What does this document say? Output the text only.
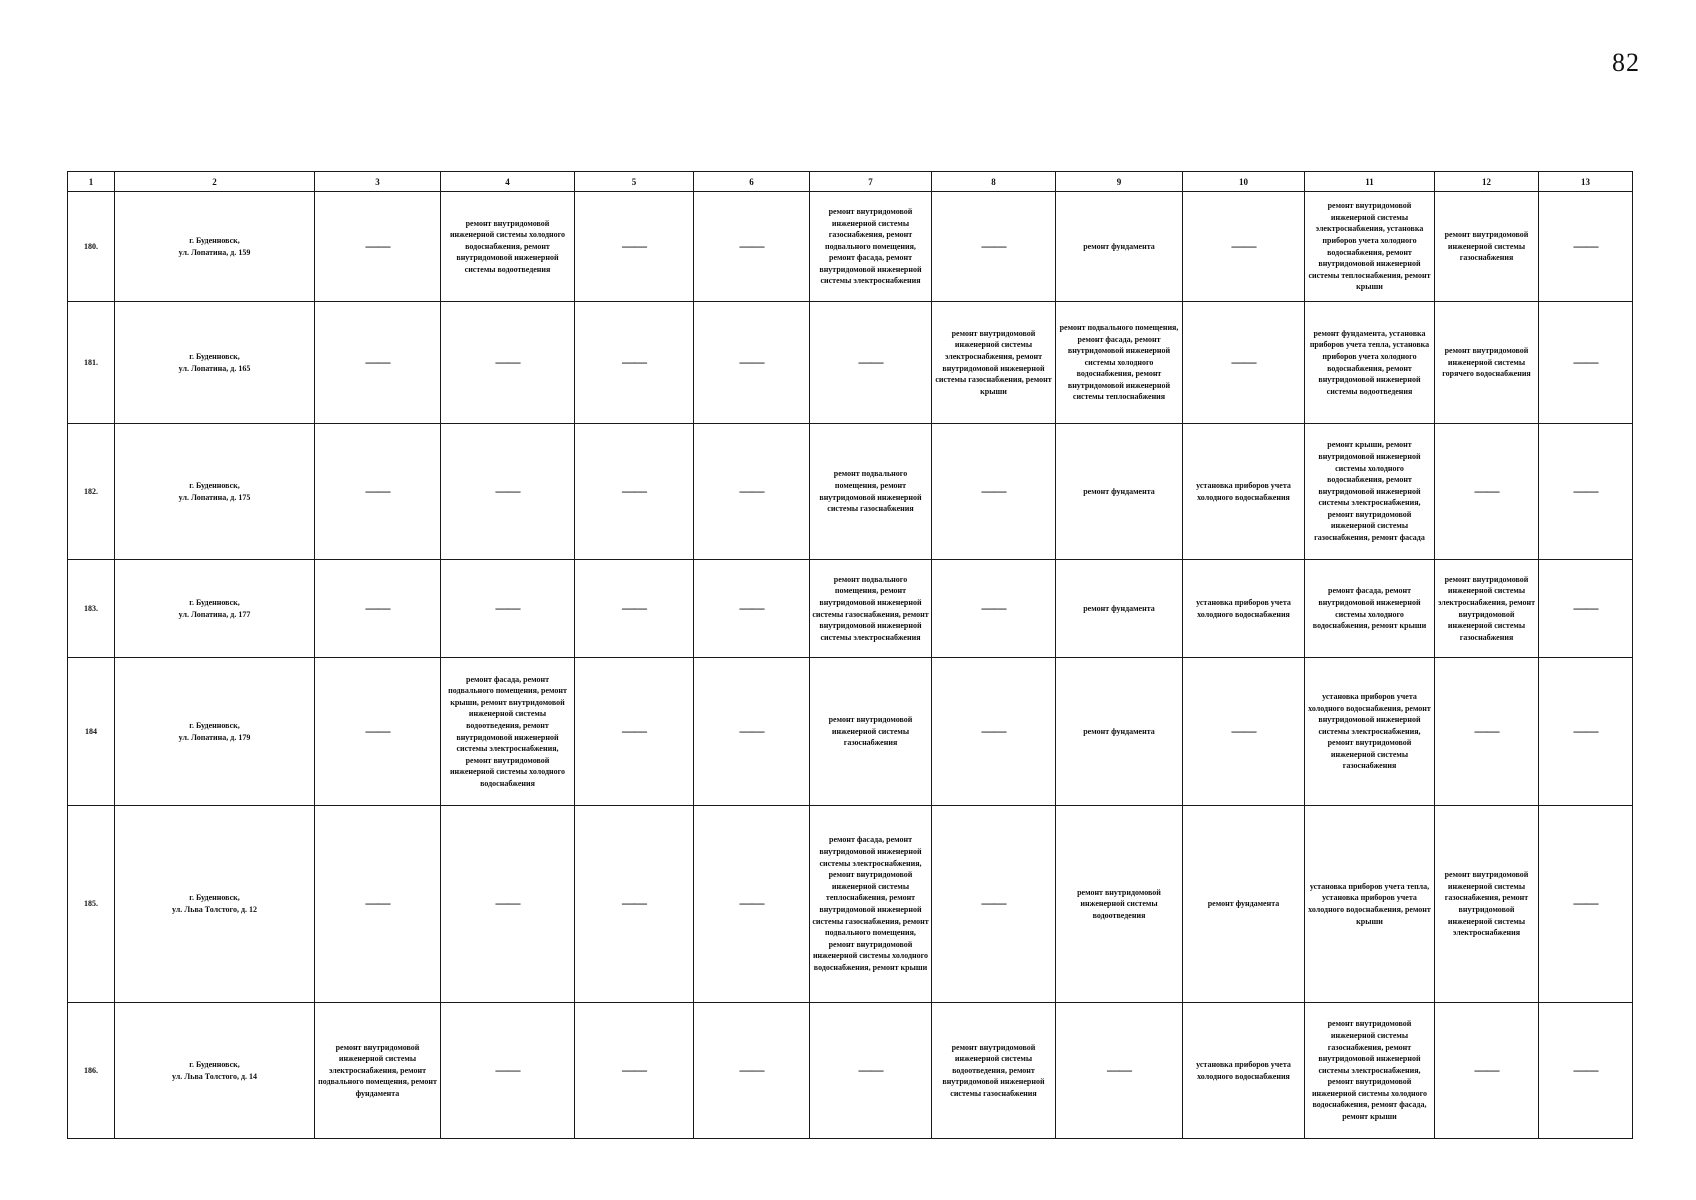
82
1	2	3	4	5	6	7	8	9	10	11	12	13
180.	г. Буденновск,
ул. Лопатина, д. 159	——	ремонт внутридомовой инженерной системы холодного водоснабжения, ремонт внутридомовой инженерной системы водоотведения	——	——	ремонт внутридомовой инженерной системы газоснабжения, ремонт подвального помещения, ремонт фасада, ремонт внутридомовой инженерной системы электроснабжения	——	ремонт фундамента	——	ремонт внутридомовой инженерной системы электроснабжения, установка приборов учета холодного водоснабжения, ремонт внутридомовой инженерной системы теплоснабжения, ремонт крыши	ремонт внутридомовой инженерной системы газоснабжения	——
181.	г. Буденновск,
ул. Лопатина, д. 165	——	——	——	——	——	ремонт внутридомовой инженерной системы электроснабжения, ремонт внутридомовой инженерной системы газоснабжения, ремонт крыши	ремонт подвального помещения, ремонт фасада, ремонт внутридомовой инженерной системы холодного водоснабжения, ремонт внутридомовой инженерной системы теплоснабжения	——	ремонт фундамента, установка приборов учета тепла, установка приборов учета холодного водоснабжения, ремонт внутридомовой инженерной системы водоотведения	ремонт внутридомовой инженерной системы горячего водоснабжения	——
182.	г. Буденновск,
ул. Лопатина, д. 175	——	——	——	——	ремонт подвального помещения, ремонт внутридомовой инженерной системы газоснабжения	——	ремонт фундамента	установка приборов учета холодного водоснабжения	ремонт крыши, ремонт внутридомовой инженерной системы холодного водоснабжения, ремонт внутридомовой инженерной системы электроснабжения, ремонт внутридомовой инженерной системы газоснабжения, ремонт фасада	——	——
183.	г. Буденновск,
ул. Лопатина, д. 177	——	——	——	——	ремонт подвального помещения, ремонт внутридомовой инженерной системы газоснабжения, ремонт внутридомовой инженерной системы электроснабжения	——	ремонт фундамента	установка приборов учета холодного водоснабжения	ремонт фасада, ремонт внутридомовой инженерной системы холодного водоснабжения, ремонт крыши	ремонт внутридомовой инженерной системы электроснабжения, ремонт внутридомовой инженерной системы газоснабжения	——
184	г. Буденновск,
ул. Лопатина, д. 179	——	ремонт фасада, ремонт подвального помещения, ремонт крыши, ремонт внутридомовой инженерной системы водоотведения, ремонт внутридомовой инженерной системы электроснабжения, ремонт внутридомовой инженерной системы холодного водоснабжения	——	——	ремонт внутридомовой инженерной системы газоснабжения	——	ремонт фундамента	——	установка приборов учета холодного водоснабжения, ремонт внутридомовой инженерной системы электроснабжения, ремонт внутридомовой инженерной системы газоснабжения	——	——
185.	г. Буденновск,
ул. Льва Толстого, д. 12	——	——	——	——	ремонт фасада, ремонт внутридомовой инженерной системы электроснабжения, ремонт внутридомовой инженерной системы теплоснабжения, ремонт внутридомовой инженерной системы газоснабжения, ремонт подвального помещения, ремонт внутридомовой инженерной системы холодного водоснабжения, ремонт крыши	——	ремонт внутридомовой инженерной системы водоотведения	ремонт фундамента	установка приборов учета тепла, установка приборов учета холодного водоснабжения, ремонт крыши	ремонт внутридомовой инженерной системы газоснабжения, ремонт внутридомовой инженерной системы электроснабжения	——
186.	г. Буденновск,
ул. Льва Толстого, д. 14	ремонт внутридомовой инженерной системы электроснабжения, ремонт подвального помещения, ремонт фундамента	——	——	——	——	ремонт внутридомовой инженерной системы водоотведения, ремонт внутридомовой инженерной системы газоснабжения	——	установка приборов учета холодного водоснабжения	ремонт внутридомовой инженерной системы газоснабжения, ремонт внутридомовой инженерной системы электроснабжения, ремонт внутридомовой инженерной системы холодного водоснабжения, ремонт фасада, ремонт крыши	——	——
